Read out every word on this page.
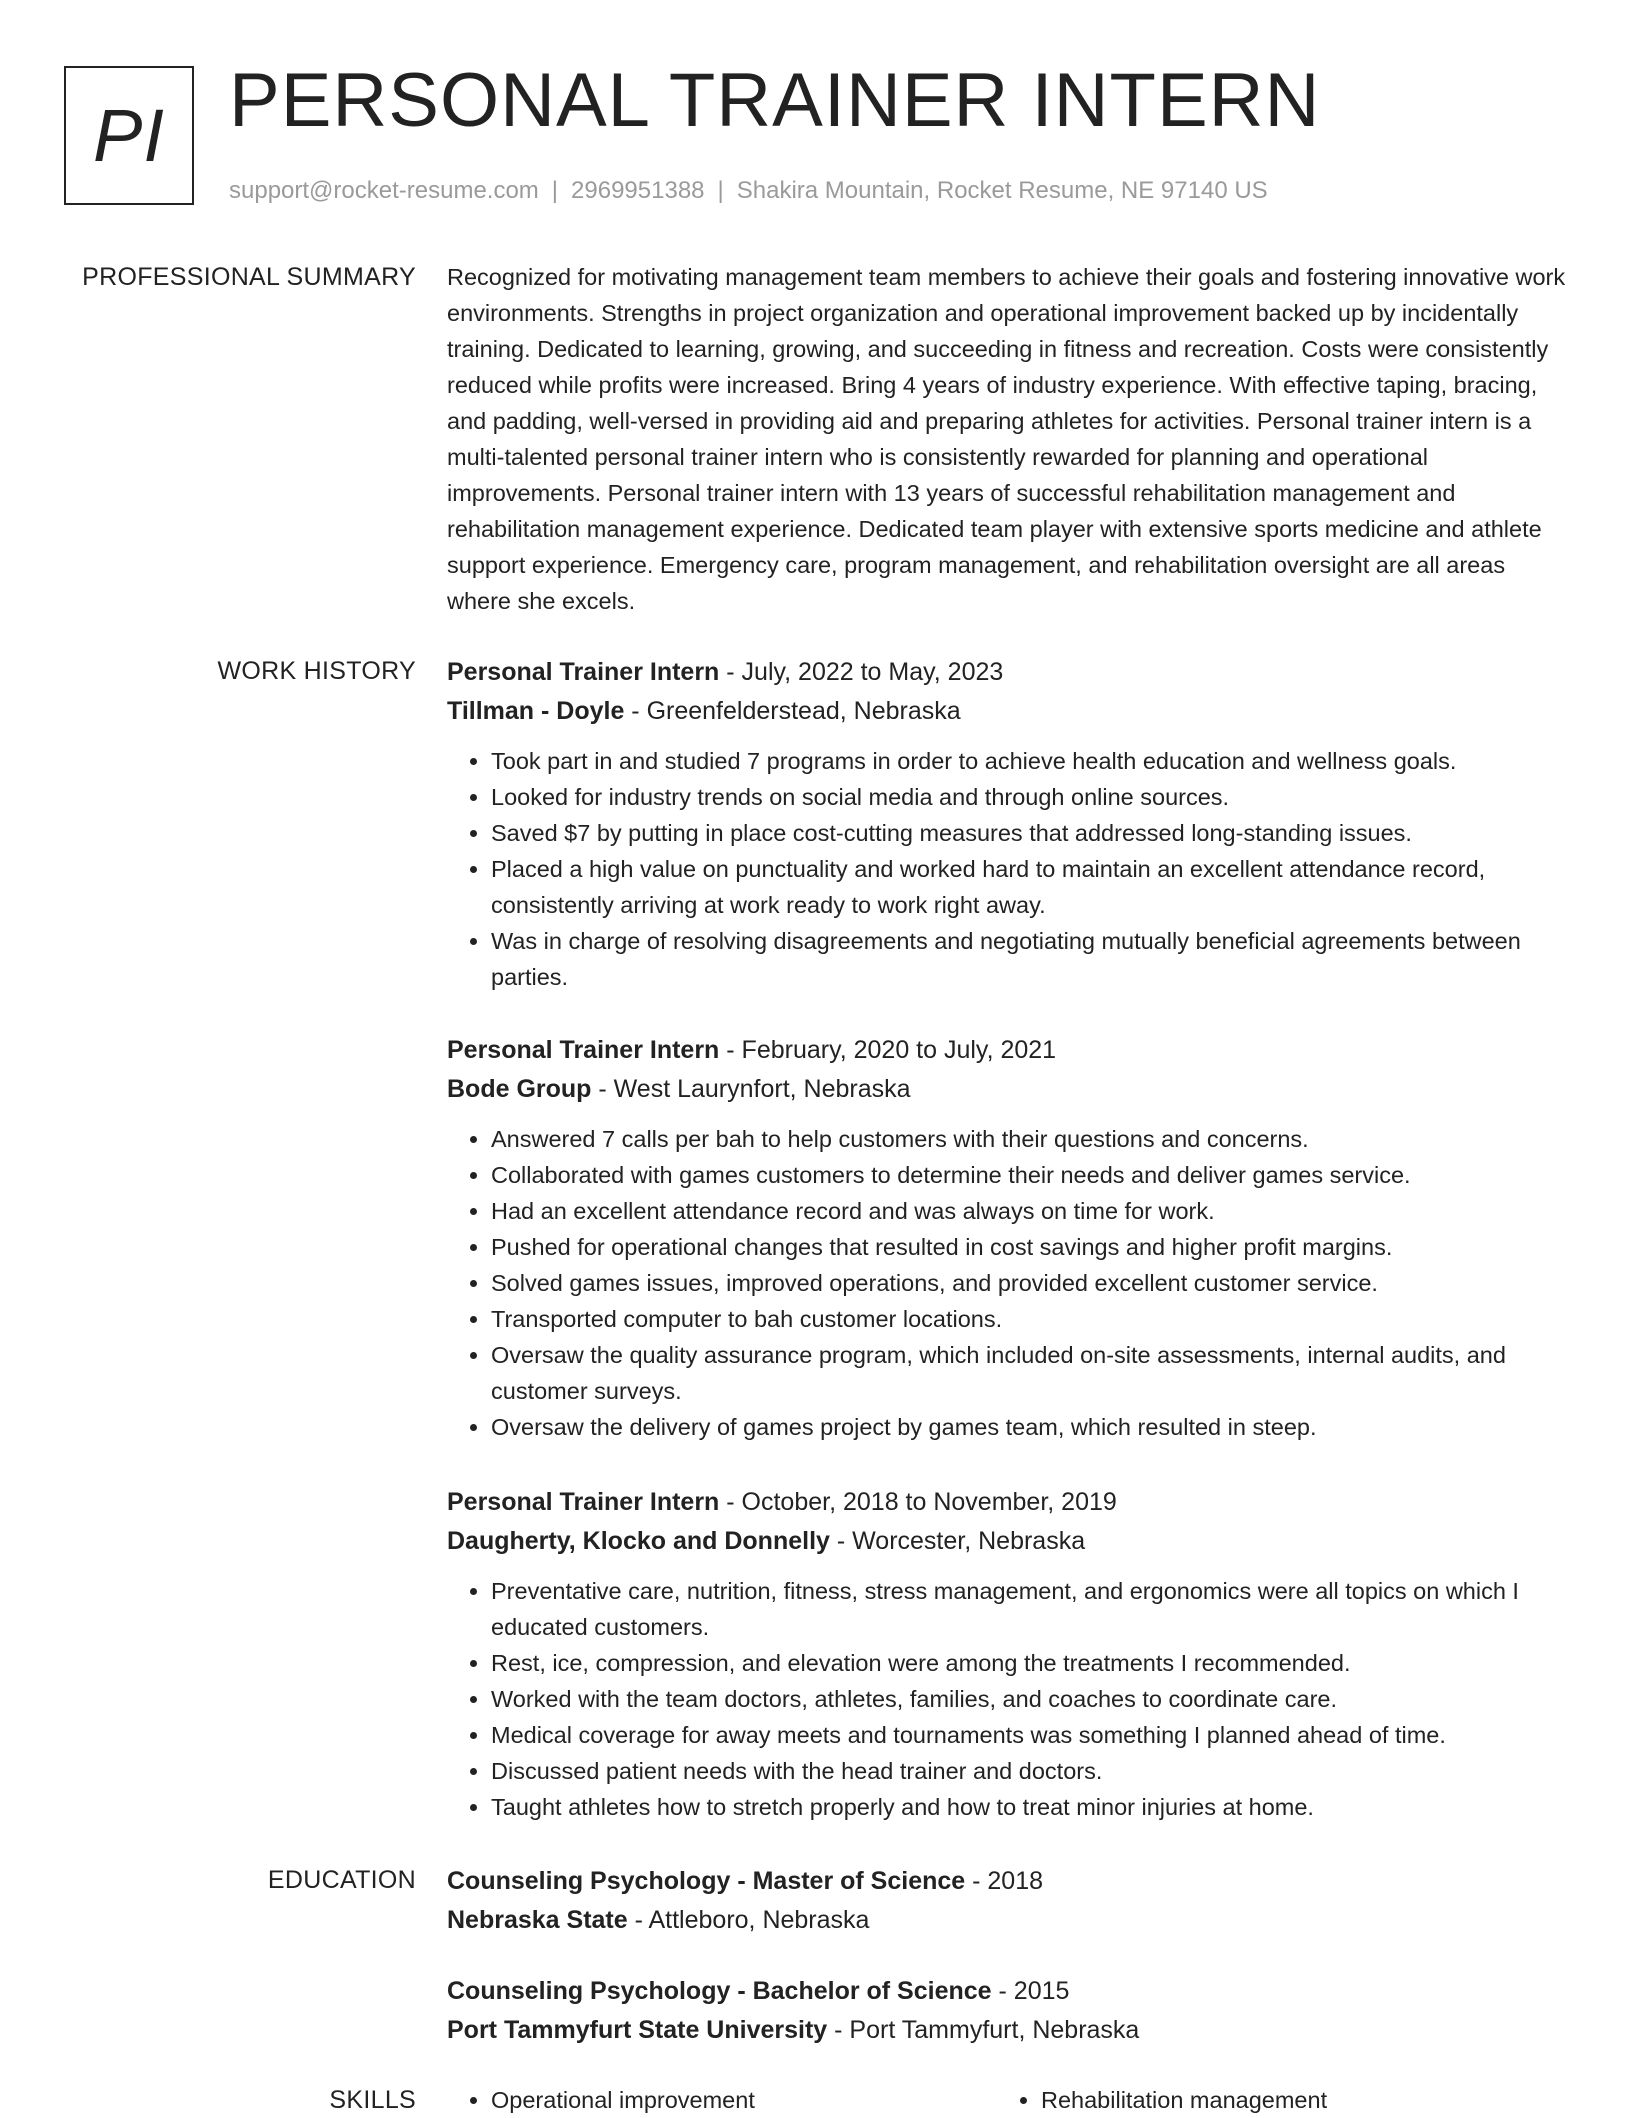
PI PERSONAL TRAINER INTERN
support@rocket-resume.com | 2969951388 | Shakira Mountain, Rocket Resume, NE 97140 US
PROFESSIONAL SUMMARY Recognized for motivating management team members to achieve their goals and fostering innovative work environments. Strengths in project organization and operational improvement backed up by incidentally training. Dedicated to learning, growing, and succeeding in fitness and recreation. Costs were consistently reduced while profits were increased. Bring 4 years of industry experience. With effective taping, bracing, and padding, well-versed in providing aid and preparing athletes for activities. Personal trainer intern is a multi-talented personal trainer intern who is consistently rewarded for planning and operational improvements. Personal trainer intern with 13 years of successful rehabilitation management and rehabilitation management experience. Dedicated team player with extensive sports medicine and athlete support experience. Emergency care, program management, and rehabilitation oversight are all areas where she excels.

WORK HISTORY Personal Trainer Intern - July, 2022 to May, 2023
Tillman - Doyle - Greenfelderstead, Nebraska
• Took part in and studied 7 programs in order to achieve health education and wellness goals.
• Looked for industry trends on social media and through online sources.
• Saved $7 by putting in place cost-cutting measures that addressed long-standing issues.
• Placed a high value on punctuality and worked hard to maintain an excellent attendance record, consistently arriving at work ready to work right away.
• Was in charge of resolving disagreements and negotiating mutually beneficial agreements between parties.
Personal Trainer Intern - February, 2020 to July, 2021
Bode Group - West Laurynfort, Nebraska
• Answered 7 calls per bah to help customers with their questions and concerns.
• Collaborated with games customers to determine their needs and deliver games service.
• Had an excellent attendance record and was always on time for work.
• Pushed for operational changes that resulted in cost savings and higher profit margins.
• Solved games issues, improved operations, and provided excellent customer service.
• Transported computer to bah customer locations.
• Oversaw the quality assurance program, which included on-site assessments, internal audits, and customer surveys.
• Oversaw the delivery of games project by games team, which resulted in steep.
Personal Trainer Intern - October, 2018 to November, 2019
Daugherty, Klocko and Donnelly - Worcester, Nebraska
• Preventative care, nutrition, fitness, stress management, and ergonomics were all topics on which I educated customers.
• Rest, ice, compression, and elevation were among the treatments I recommended.
• Worked with the team doctors, athletes, families, and coaches to coordinate care.
• Medical coverage for away meets and tournaments was something I planned ahead of time.
• Discussed patient needs with the head trainer and doctors.
• Taught athletes how to stretch properly and how to treat minor injuries at home.
EDUCATION Counseling Psychology - Master of Science - 2018
Nebraska State - Attleboro, Nebraska
Counseling Psychology - Bachelor of Science - 2015
Port Tammyfurt State University - Port Tammyfurt, Nebraska
SKILLS	• Operational improvement	• Rehabilitation management
